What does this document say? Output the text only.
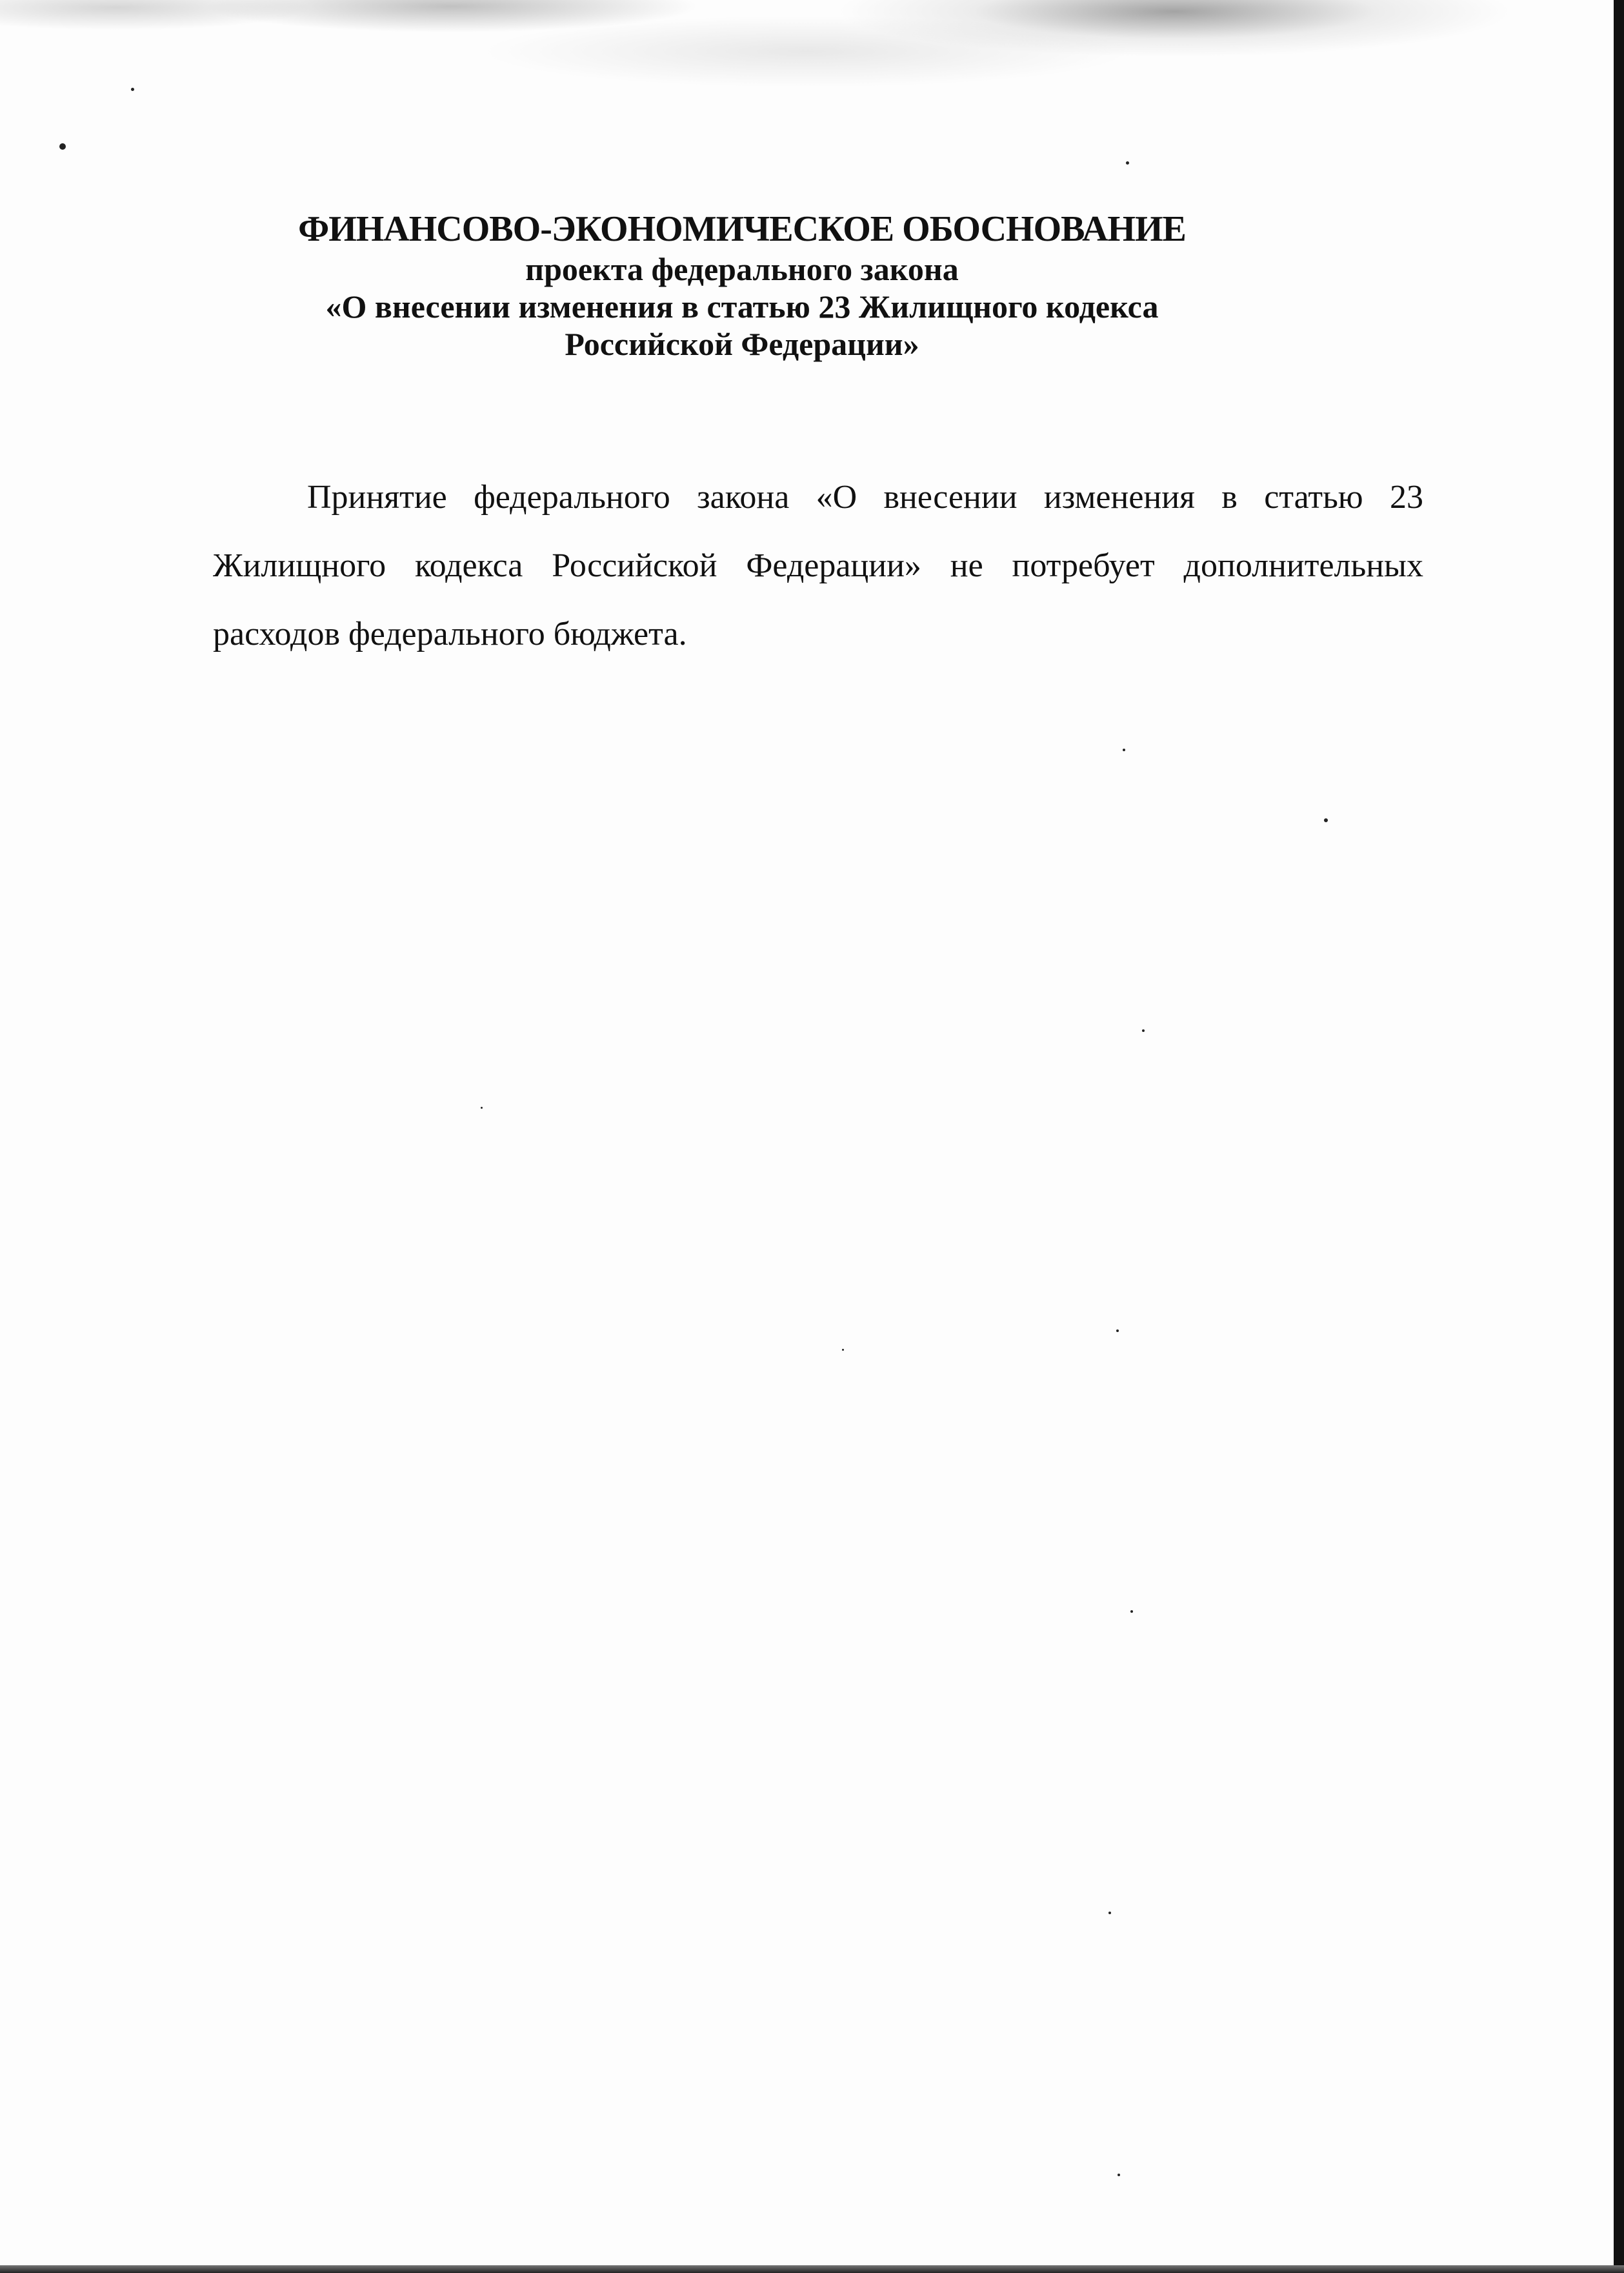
ФИНАНСОВО-ЭКОНОМИЧЕСКОЕ ОБОСНОВАНИЕ
проекта федерального закона
«О внесении изменения в статью 23 Жилищного кодекса
Российской Федерации»

Принятие федерального закона «О внесении изменения в статью 23 Жилищного кодекса Российской Федерации» не потребует дополнительных расходов федерального бюджета.
